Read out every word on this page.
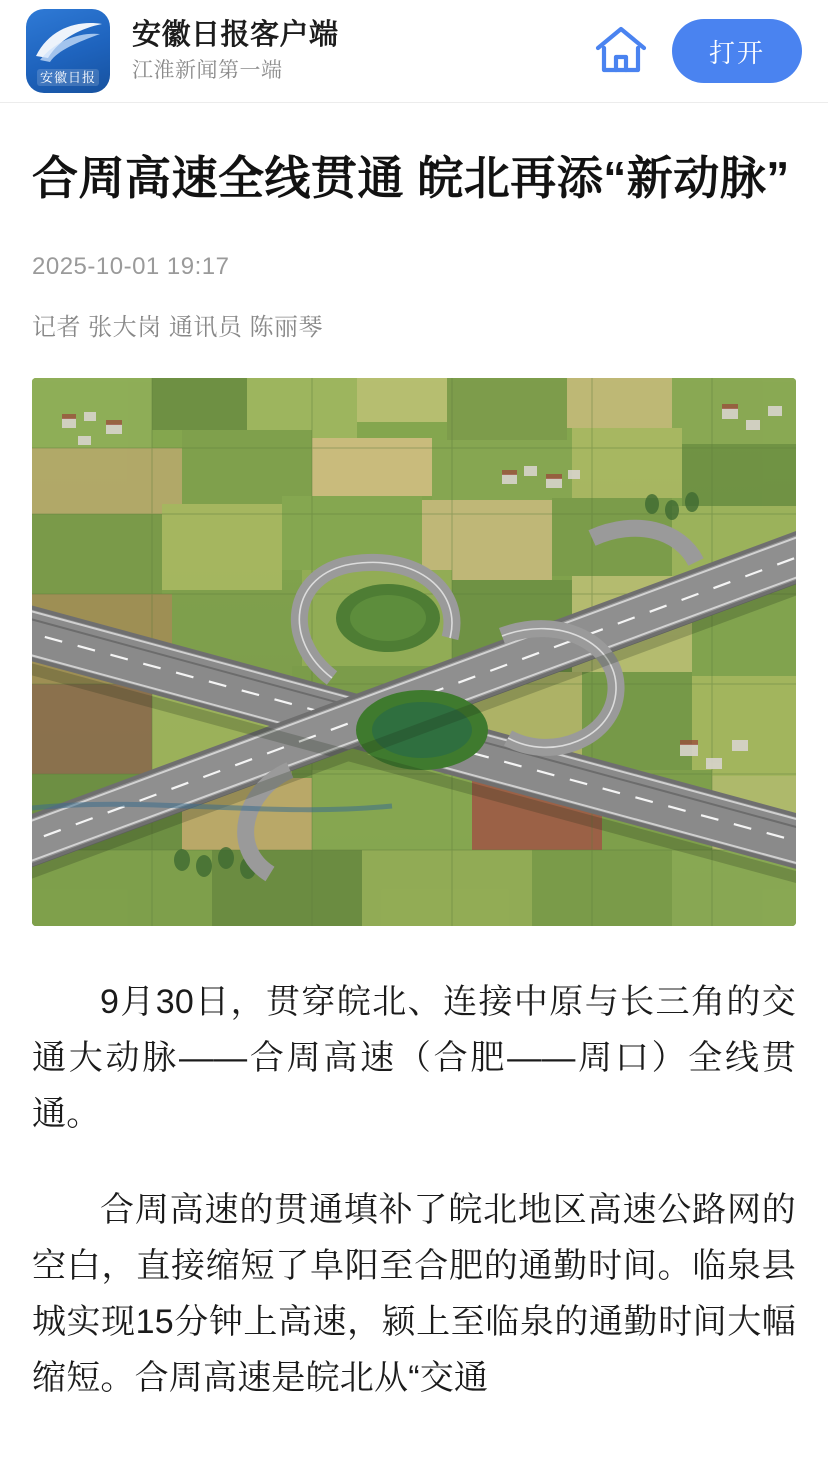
安徽日报
安徽日报客户端
江淮新闻第一端
打开
合周高速全线贯通 皖北再添“新动脉”
2025-10-01 19:17
记者 张大岗 通讯员 陈丽琴

9月30日，贯穿皖北、连接中原与长三角的交通大动脉——合周高速（合肥——周口）全线贯通。

合周高速的贯通填补了皖北地区高速公路网的空白，直接缩短了阜阳至合肥的通勤时间。临泉县城实现15分钟上高速，颍上至临泉的通勤时间大幅缩短。合周高速是皖北从“交通
